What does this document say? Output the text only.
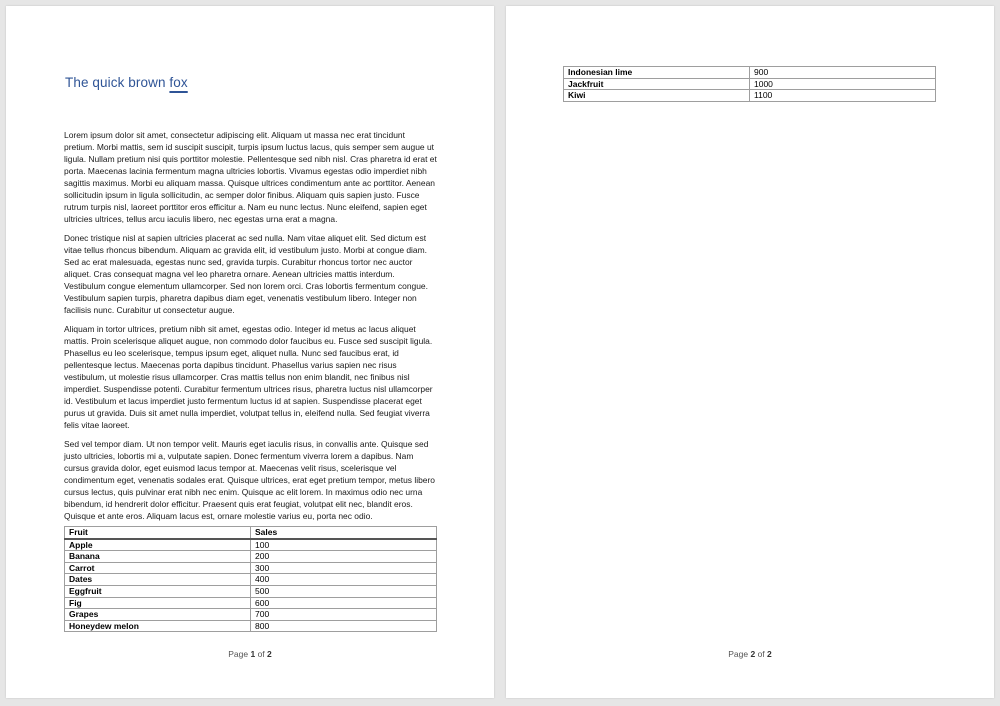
The quick brown fox

Lorem ipsum dolor sit amet, consectetur adipiscing elit. Aliquam ut massa nec erat tincidunt pretium. Morbi mattis, sem id suscipit suscipit, turpis ipsum luctus lacus, quis semper sem augue ut ligula. Nullam pretium nisi quis porttitor molestie. Pellentesque sed nibh nisl. Cras pharetra id erat et porta. Maecenas lacinia fermentum magna ultricies lobortis. Vivamus egestas odio imperdiet nibh sagittis maximus. Morbi eu aliquam massa. Quisque ultrices condimentum ante ac porttitor. Aenean sollicitudin ipsum in ligula sollicitudin, ac semper dolor finibus. Aliquam quis sapien justo. Fusce rutrum turpis nisl, laoreet porttitor eros efficitur a. Nam eu nunc lectus. Nunc eleifend, sapien eget ultricies ultrices, tellus arcu iaculis libero, nec egestas urna erat a magna.

Donec tristique nisl at sapien ultricies placerat ac sed nulla. Nam vitae aliquet elit. Sed dictum est vitae tellus rhoncus bibendum. Aliquam ac gravida elit, id vestibulum justo. Morbi at congue diam. Sed ac erat malesuada, egestas nunc sed, gravida turpis. Curabitur rhoncus tortor nec auctor aliquet. Cras consequat magna vel leo pharetra ornare. Aenean ultricies mattis interdum. Vestibulum congue elementum ullamcorper. Sed non lorem orci. Cras lobortis fermentum congue. Vestibulum sapien turpis, pharetra dapibus diam eget, venenatis vestibulum libero. Integer non facilisis nunc. Curabitur ut consectetur augue.

Aliquam in tortor ultrices, pretium nibh sit amet, egestas odio. Integer id metus ac lacus aliquet mattis. Proin scelerisque aliquet augue, non commodo dolor faucibus eu. Fusce sed suscipit ligula. Phasellus eu leo scelerisque, tempus ipsum eget, aliquet nulla. Nunc sed faucibus erat, id pellentesque lectus. Maecenas porta dapibus tincidunt. Phasellus varius sapien nec risus vestibulum, ut molestie risus ullamcorper. Cras mattis tellus non enim blandit, nec finibus nisl imperdiet. Suspendisse potenti. Curabitur fermentum ultrices risus, pharetra luctus nisl ullamcorper id. Vestibulum et lacus imperdiet justo fermentum luctus id at sapien. Suspendisse placerat eget purus ut gravida. Duis sit amet nulla imperdiet, volutpat tellus in, eleifend nulla. Sed feugiat viverra felis vitae laoreet.

Sed vel tempor diam. Ut non tempor velit. Mauris eget iaculis risus, in convallis ante. Quisque sed justo ultricies, lobortis mi a, vulputate sapien. Donec fermentum viverra lorem a dapibus. Nam cursus gravida dolor, eget euismod lacus tempor at. Maecenas velit risus, scelerisque vel condimentum eget, venenatis sodales erat. Quisque ultrices, erat eget pretium tempor, metus libero cursus lectus, quis pulvinar erat nibh nec enim. Quisque ac elit lorem. In maximus odio nec urna bibendum, id hendrerit dolor efficitur. Praesent quis erat feugiat, volutpat elit nec, blandit eros. Quisque et ante eros. Aliquam lacus est, ornare molestie varius eu, porta nec odio.

Fruit	Sales
Apple	100
Banana	200
Carrot	300
Dates	400
Eggfruit	500
Fig	600
Grapes	700
Honeydew melon	800
Page 1 of 2
Indonesian lime	900
Jackfruit	1000
Kiwi	1100
Page 2 of 2
